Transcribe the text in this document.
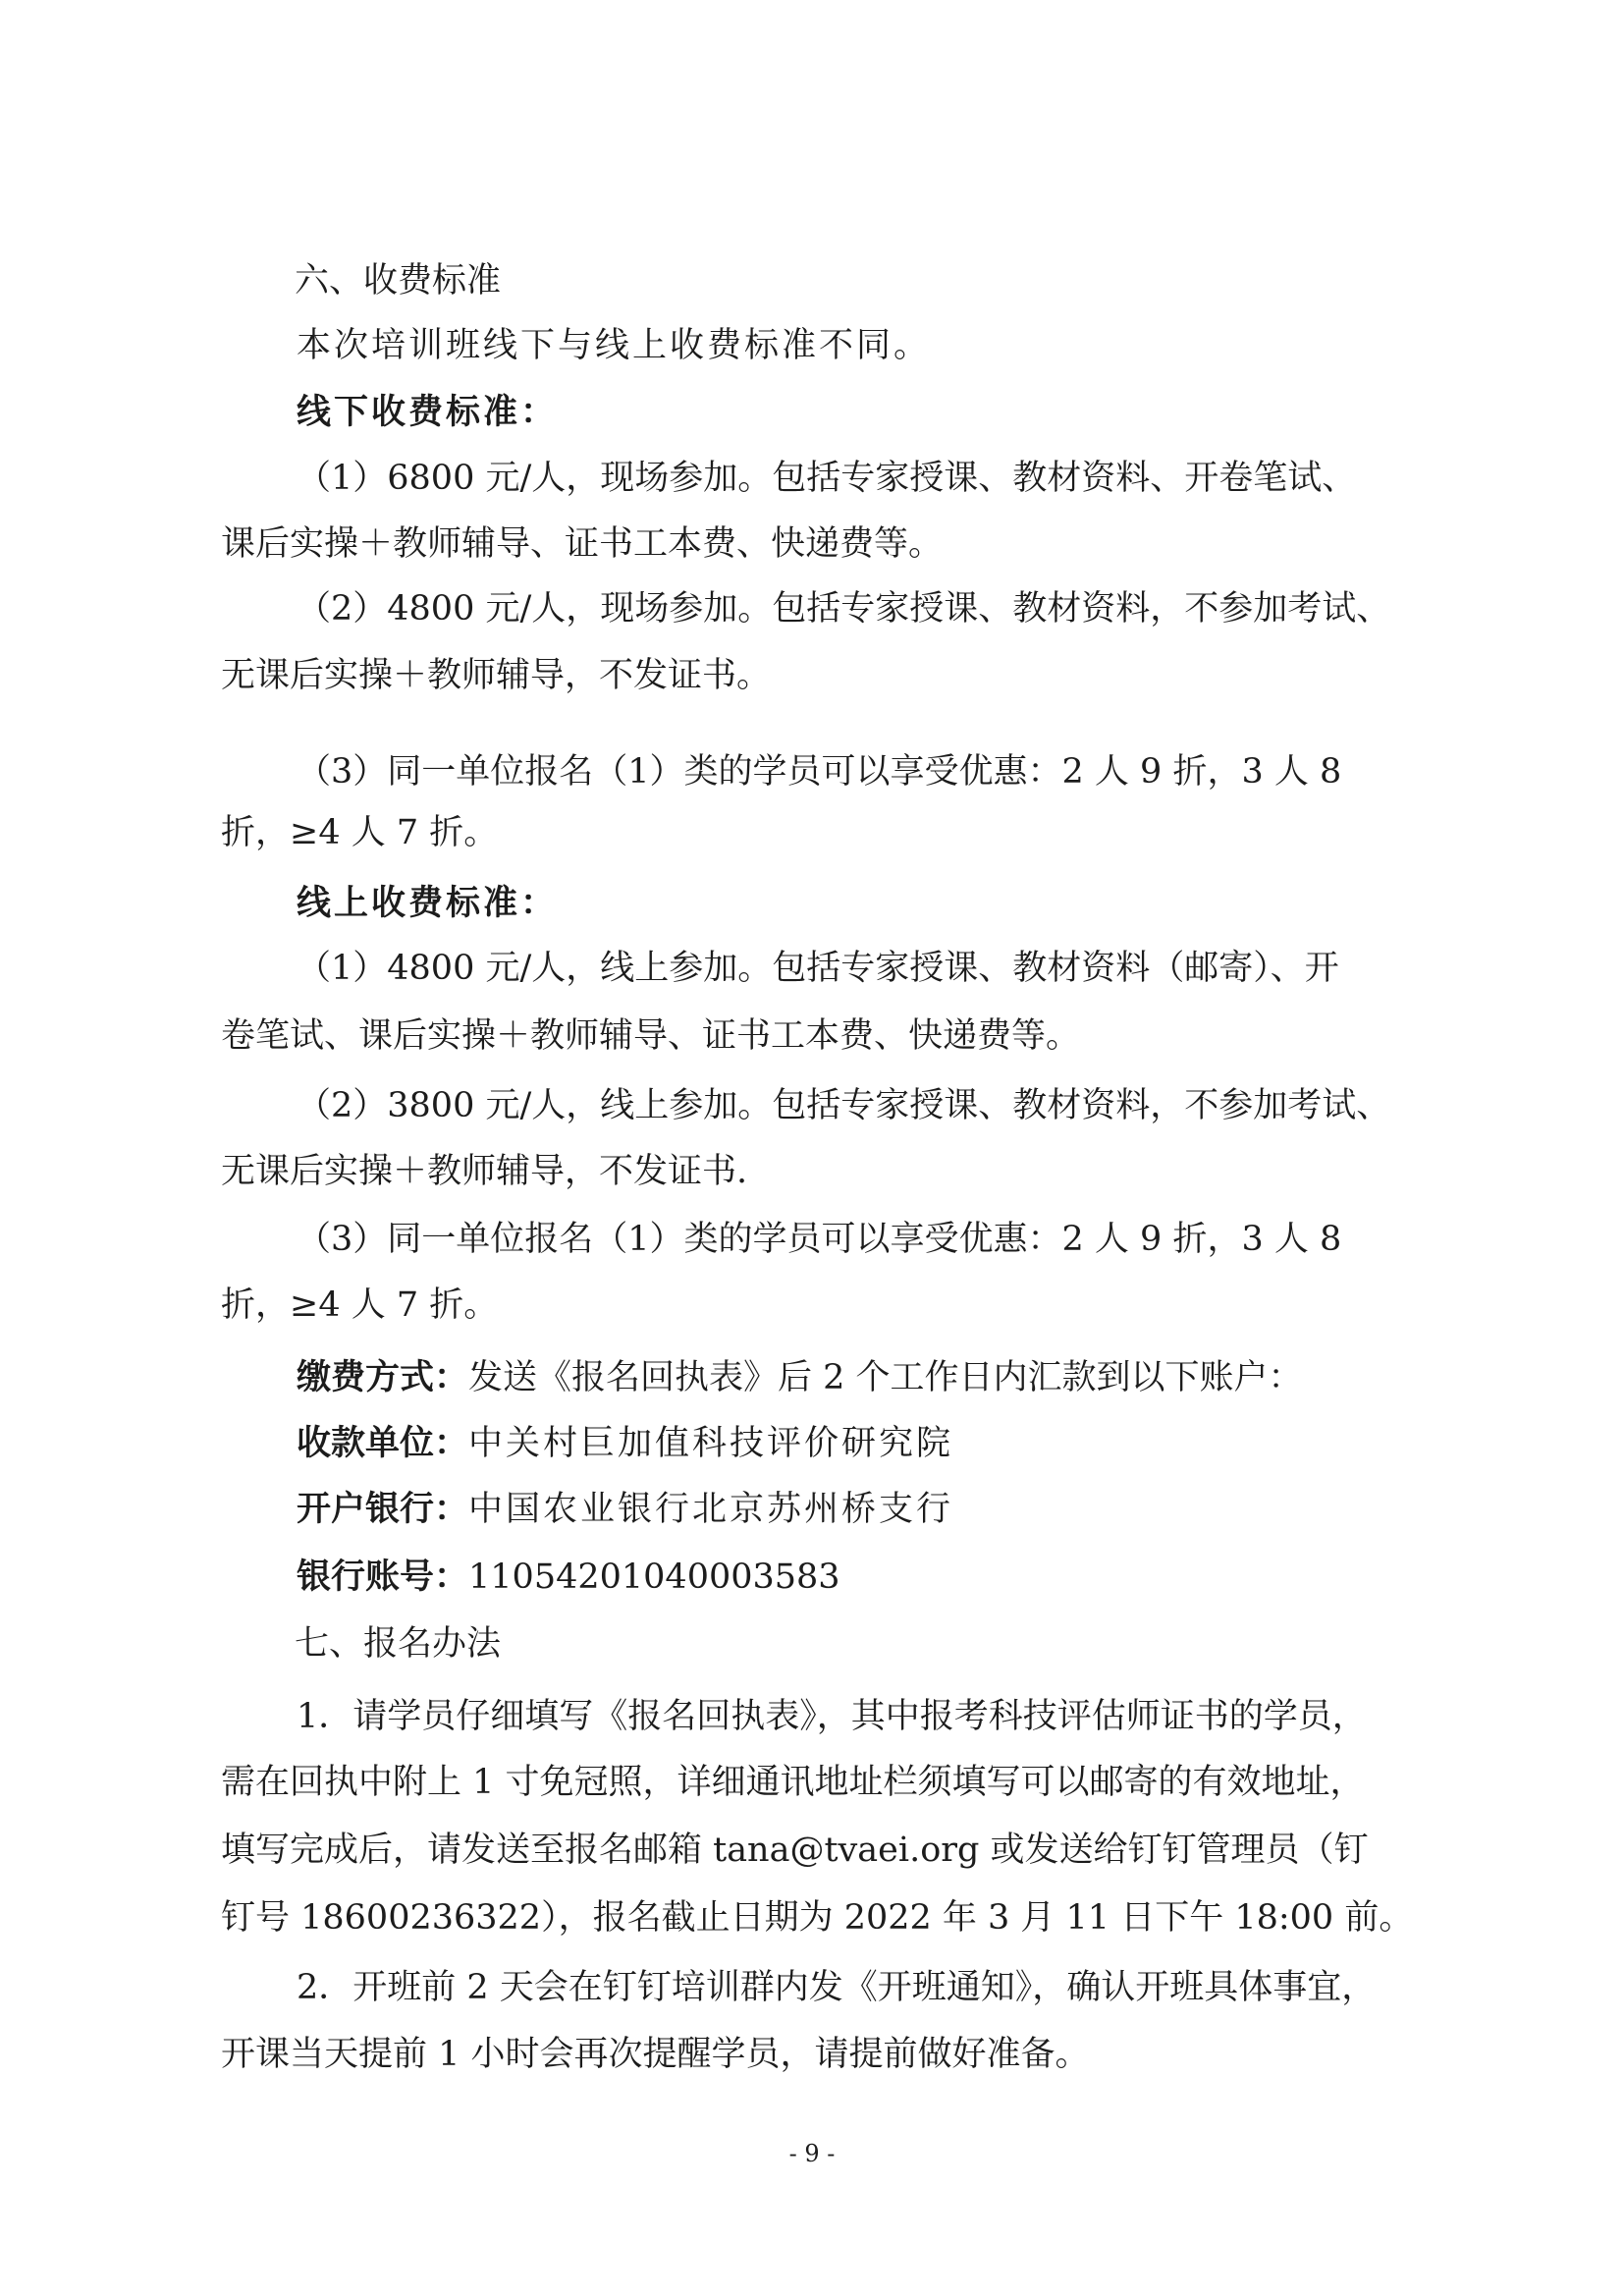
六、收费标准
本次培训班线下与线上收费标准不同。
线下收费标准：
（1）6800 元/人，现场参加。包括专家授课、教材资料、开卷笔试、
课后实操＋教师辅导、证书工本费、快递费等。
（2）4800 元/人，现场参加。包括专家授课、教材资料，不参加考试、
无课后实操＋教师辅导，不发证书。
（3）同一单位报名（1）类的学员可以享受优惠：2 人 9 折，3 人 8
折，≥4 人 7 折。
线上收费标准：
（1）4800 元/人，线上参加。包括专家授课、教材资料（邮寄）、开
卷笔试、课后实操＋教师辅导、证书工本费、快递费等。
（2）3800 元/人，线上参加。包括专家授课、教材资料，不参加考试、
无课后实操＋教师辅导，不发证书.
（3）同一单位报名（1）类的学员可以享受优惠：2 人 9 折，3 人 8
折，≥4 人 7 折。
缴费方式：发送《报名回执表》后 2 个工作日内汇款到以下账户：
收款单位：中关村巨加值科技评价研究院
开户银行：中国农业银行北京苏州桥支行
银行账号：11054201040003583
七、报名办法
1．请学员仔细填写《报名回执表》，其中报考科技评估师证书的学员，
需在回执中附上 1 寸免冠照，详细通讯地址栏须填写可以邮寄的有效地址，
填写完成后，请发送至报名邮箱 tana@tvaei.org 或发送给钉钉管理员（钉
钉号 18600236322），报名截止日期为 2022 年 3 月 11 日下午 18:00 前。
2．开班前 2 天会在钉钉培训群内发《开班通知》，确认开班具体事宜，
开课当天提前 1 小时会再次提醒学员，请提前做好准备。
- 9 -
